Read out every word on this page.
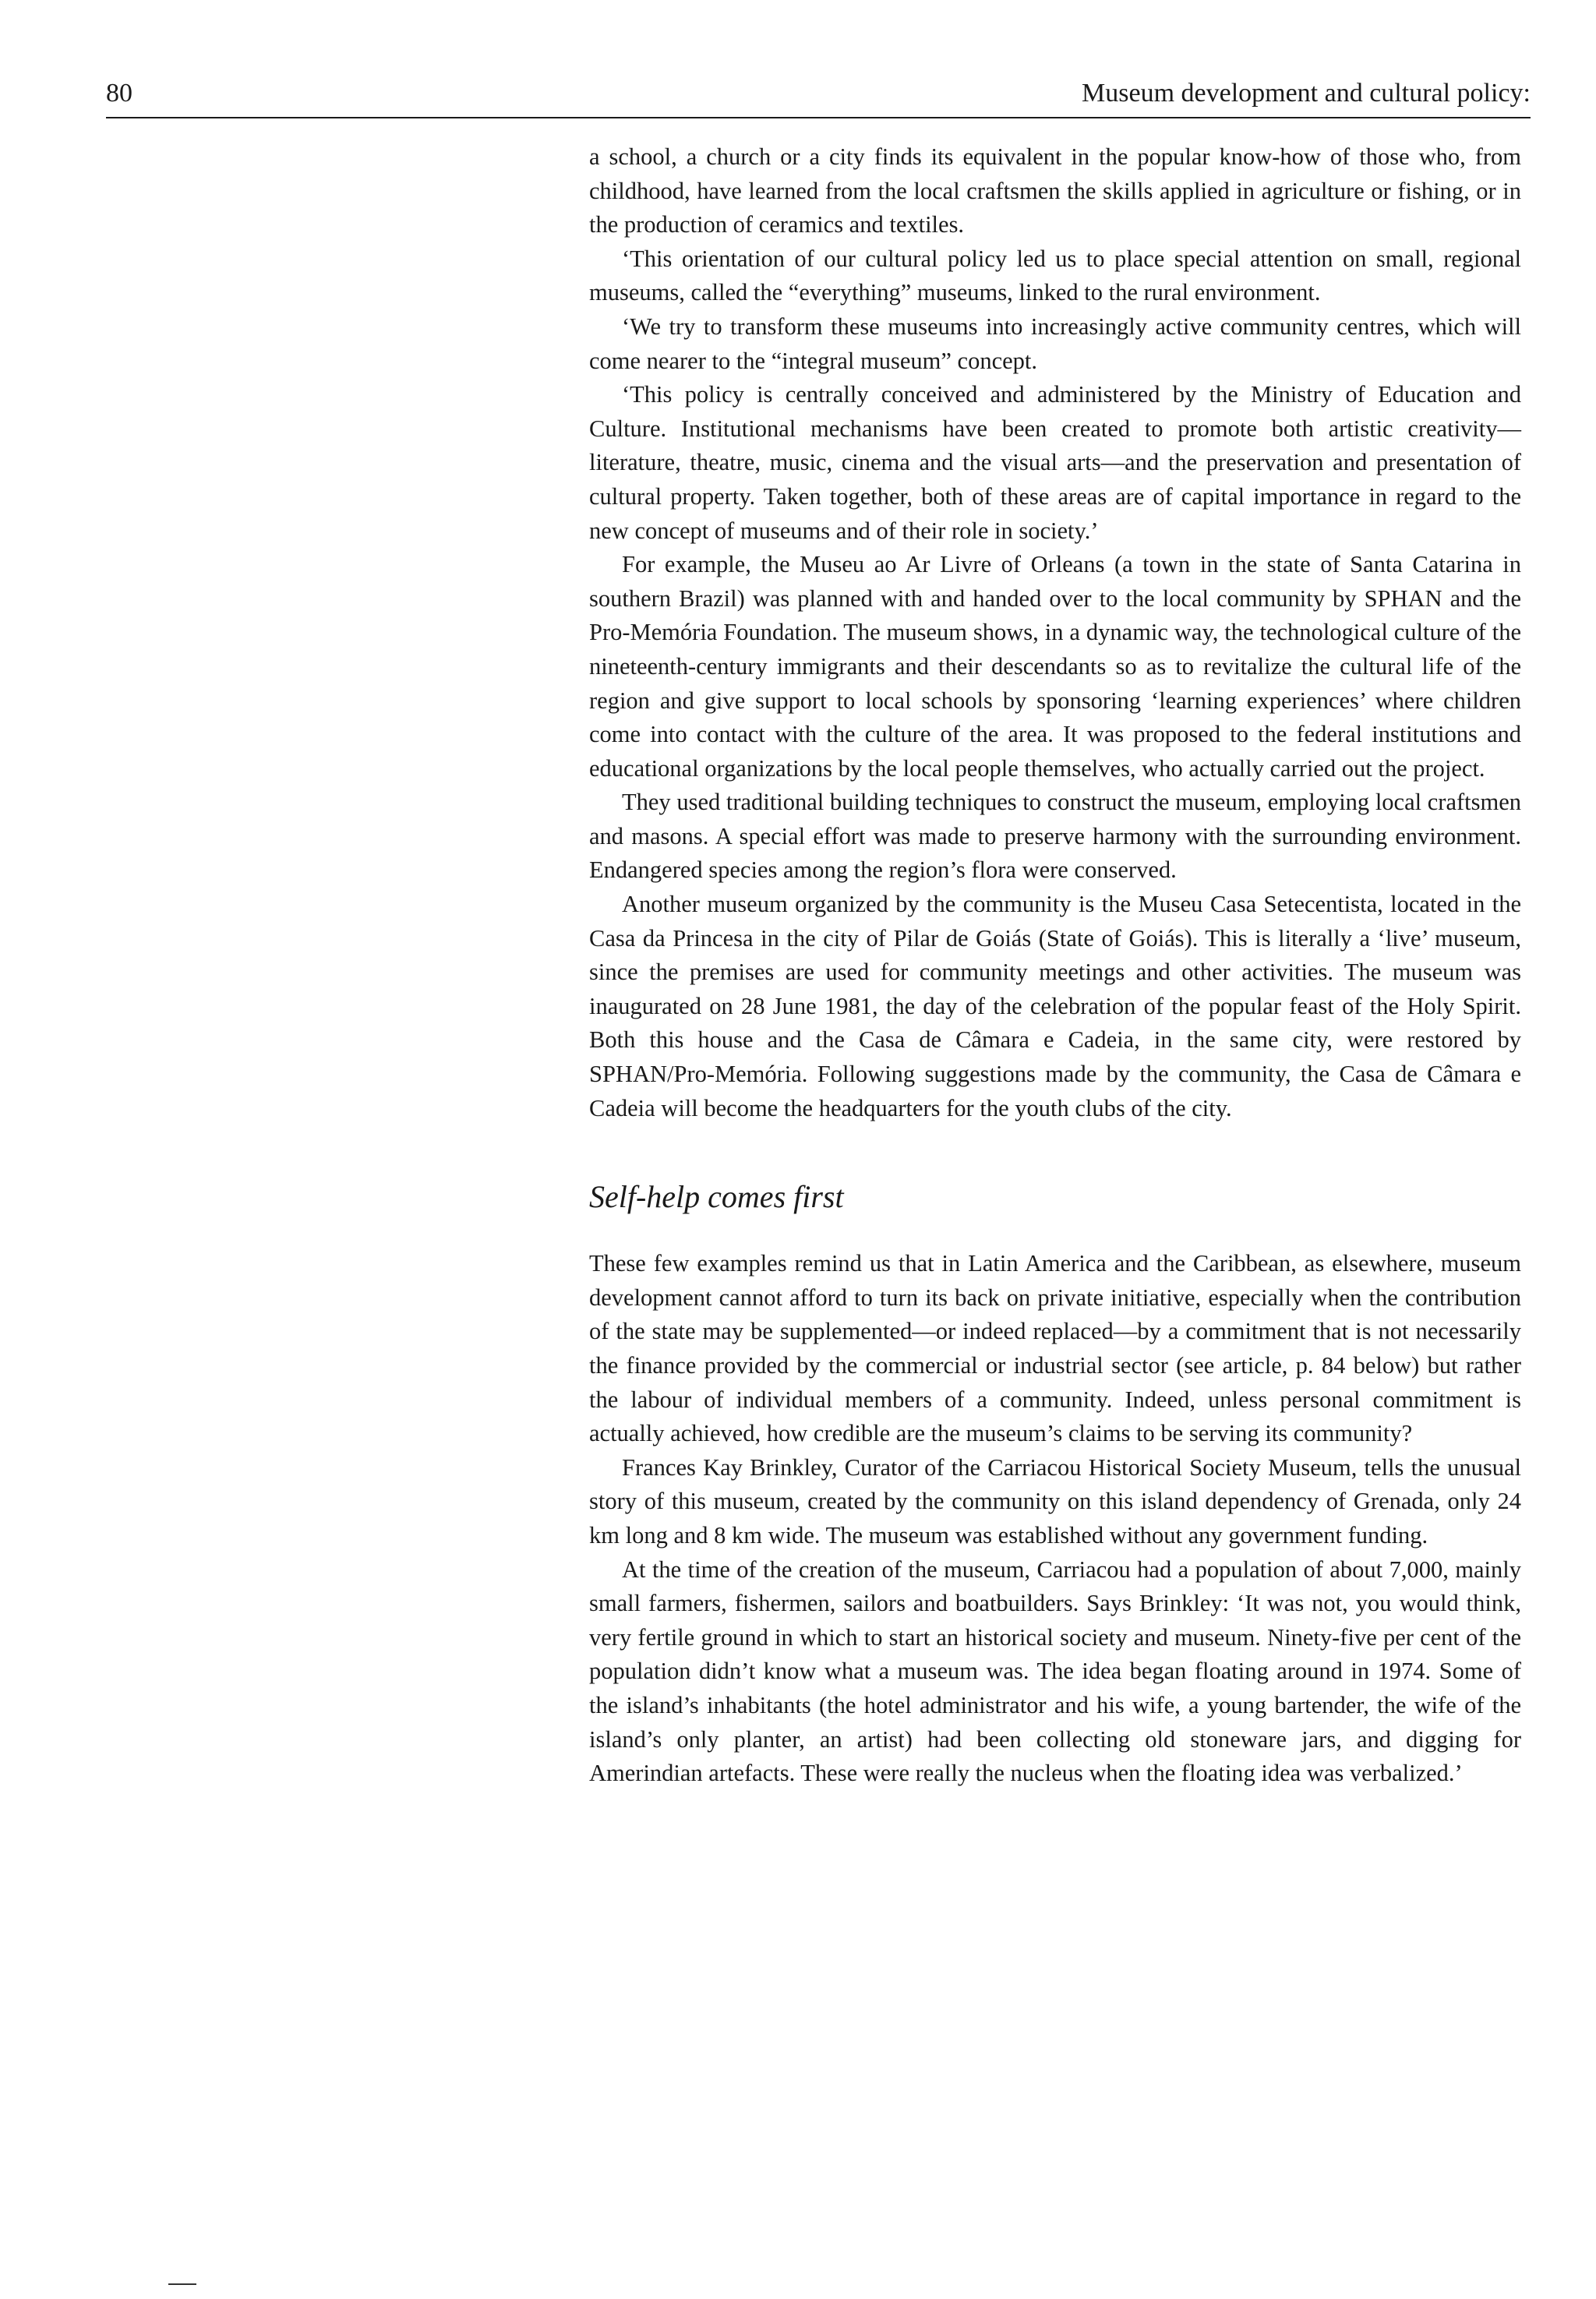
80	Museum development and cultural policy:

a school, a church or a city finds its equivalent in the popular know-how of those who, from childhood, have learned from the local craftsmen the skills applied in agriculture or fishing, or in the production of ceramics and textiles.

‘This orientation of our cultural policy led us to place special attention on small, regional museums, called the “everything” museums, linked to the rural environment.

‘We try to transform these museums into increasingly active community centres, which will come nearer to the “integral museum” concept.

‘This policy is centrally conceived and administered by the Ministry of Education and Culture. Institutional mechanisms have been created to promote both artistic creativity—literature, theatre, music, cinema and the visual arts—and the preservation and presentation of cultural property. Taken together, both of these areas are of capital importance in regard to the new concept of museums and of their role in society.’

For example, the Museu ao Ar Livre of Orleans (a town in the state of Santa Catarina in southern Brazil) was planned with and handed over to the local community by SPHAN and the Pro-Memória Foundation. The museum shows, in a dynamic way, the technological culture of the nineteenth-century immigrants and their descendants so as to revitalize the cultural life of the region and give support to local schools by sponsoring ‘learning experiences’ where children come into contact with the culture of the area. It was proposed to the federal institutions and educational organizations by the local people themselves, who actually carried out the project.

They used traditional building techniques to construct the museum, employing local craftsmen and masons. A special effort was made to preserve harmony with the surrounding environment. Endangered species among the region’s flora were conserved.

Another museum organized by the community is the Museu Casa Setecentista, located in the Casa da Princesa in the city of Pilar de Goiás (State of Goiás). This is literally a ‘live’ museum, since the premises are used for community meetings and other activities. The museum was inaugurated on 28 June 1981, the day of the celebration of the popular feast of the Holy Spirit. Both this house and the Casa de Câmara e Cadeia, in the same city, were restored by SPHAN/Pro-Memória. Following suggestions made by the community, the Casa de Câmara e Cadeia will become the headquarters for the youth clubs of the city.

Self-help comes first

These few examples remind us that in Latin America and the Caribbean, as elsewhere, museum development cannot afford to turn its back on private initiative, especially when the contribution of the state may be supplemented—or indeed replaced—by a commitment that is not necessarily the finance provided by the commercial or industrial sector (see article, p. 84 below) but rather the labour of individual members of a community. Indeed, unless personal commitment is actually achieved, how credible are the museum’s claims to be serving its community?

Frances Kay Brinkley, Curator of the Carriacou Historical Society Museum, tells the unusual story of this museum, created by the community on this island dependency of Grenada, only 24 km long and 8 km wide. The museum was established without any government funding.

At the time of the creation of the museum, Carriacou had a population of about 7,000, mainly small farmers, fishermen, sailors and boatbuilders. Says Brinkley: ‘It was not, you would think, very fertile ground in which to start an historical society and museum. Ninety-five per cent of the population didn’t know what a museum was. The idea began floating around in 1974. Some of the island’s inhabitants (the hotel administrator and his wife, a young bartender, the wife of the island’s only planter, an artist) had been collecting old stoneware jars, and digging for Amerindian artefacts. These were really the nucleus when the floating idea was verbalized.’
